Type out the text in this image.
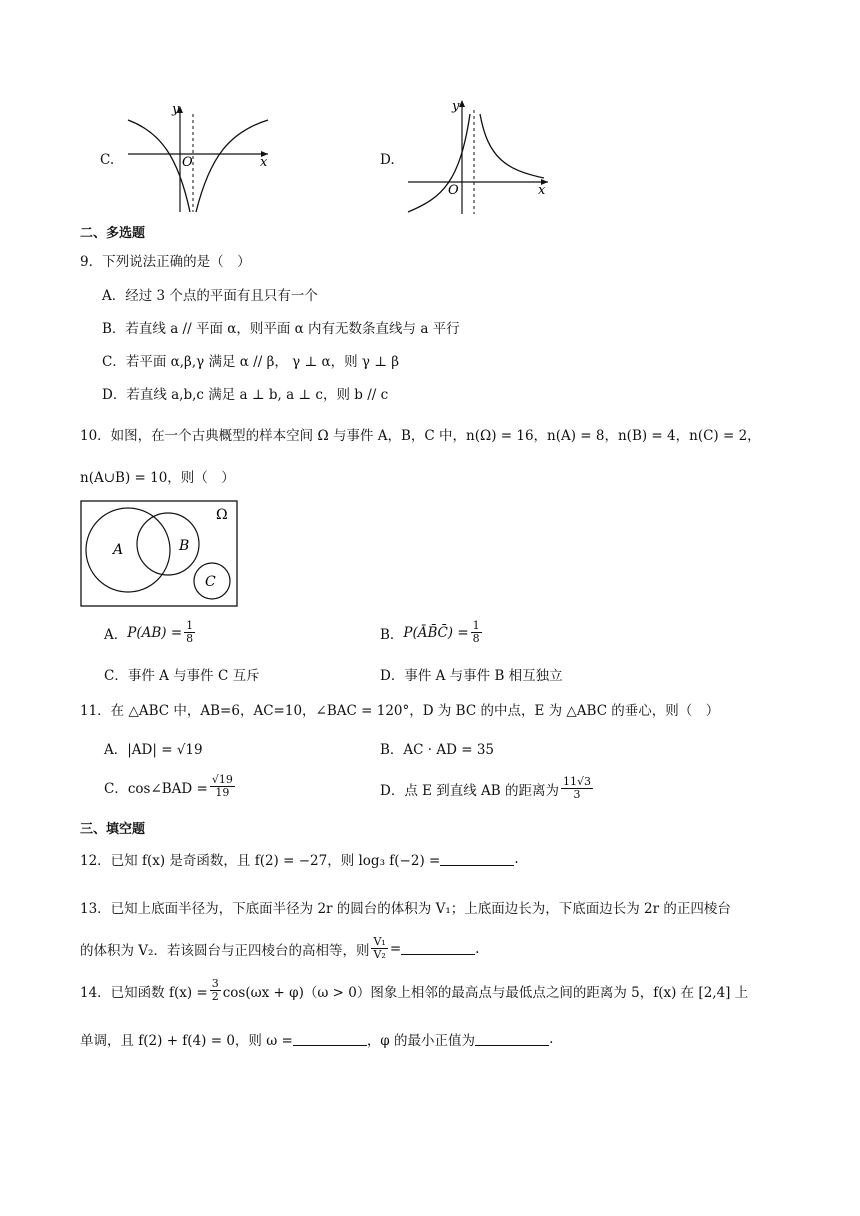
C.
y
x
O	D.
y
x
O
二、多选题
9．下列说法正确的是（　）
A．经过 3 个点的平面有且只有一个
B．若直线 a // 平面 α，则平面 α 内有无数条直线与 a 平行
C．若平面 α,β,γ 满足 α // β， γ ⊥ α，则 γ ⊥ β
D．若直线 a,b,c 满足 a ⊥ b, a ⊥ c，则 b // c
10．如图，在一个古典概型的样本空间 Ω 与事件 A，B，C 中，n(Ω) = 16，n(A) = 8，n(B) = 4，n(C) = 2，
n(A∪B) = 10，则（　）
Ω
A	B
C
A． $P(AB) = \frac{1}{8}$	B． P(ĀB̄C̄) = $\frac{1}{8}$
C．事件 A 与事件 C 互斥	D．事件 A 与事件 B 相互独立
11．在 △ABC 中，AB=6，AC=10，∠BAC = 120°，D 为 BC 的中点，E 为 △ABC 的垂心，则（　）
A．|AD| = √19	B．AC · AD = 35
C．cos∠BAD = $\frac{√19}{19}$	D．点 E 到直线 AB 的距离为 $\frac{11√3}{3}$
三、填空题
12．已知 f(x) 是奇函数，且 f(2) = −27，则 log₃ f(−2) =	.
13．已知上底面半径为，下底面半径为 2r 的圆台的体积为 V₁；上底面边长为，下底面边长为 2r 的正四棱台
的体积为 V₂．若该圆台与正四棱台的高相等，则 $\frac{\text{V₁}}{\text{V₂}}$ =	.
14．已知函数 $f(x) = \frac{3}{2} \cos(\omega x + \varphi)(\omega > 0)$图象上相邻的最高点与最低点之间的距离为 5，f(x) 在 [2,4] 上
单调，且 f(2) + f(4) = 0，则 ω =	，φ 的最小正值为	.
